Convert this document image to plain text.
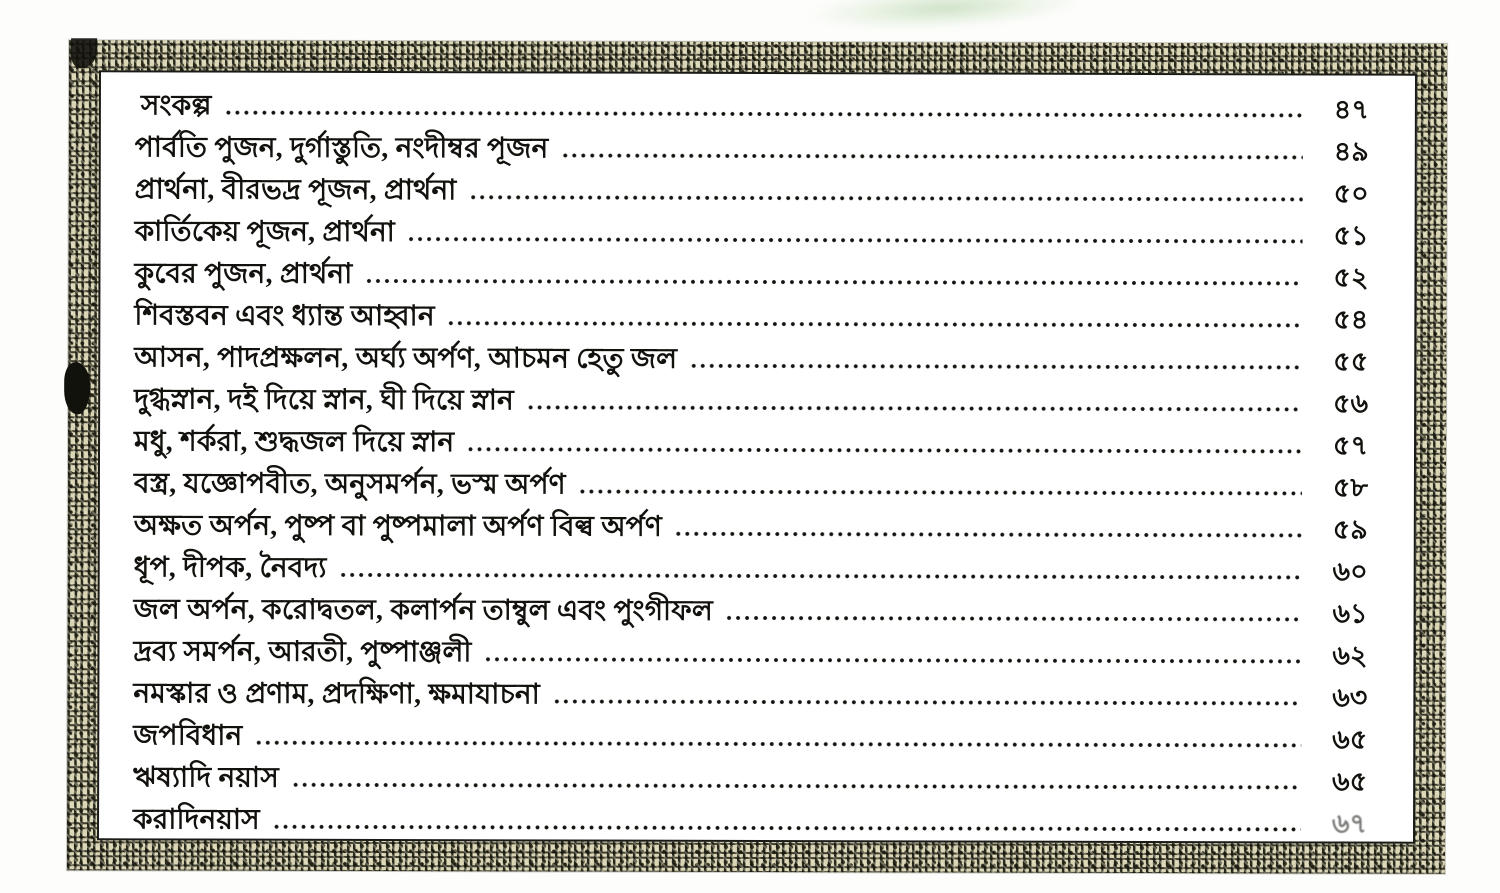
সংকল্প	৪৭
পার্বতি পুজন, দুর্গাস্তুতি, নংদীম্বর পূজন	৪৯
প্রার্থনা, বীরভদ্র পূজন, প্রার্থনা	৫০
কার্তিকেয় পূজন, প্রার্থনা	৫১
কুবের পুজন, প্রার্থনা	৫২
শিবস্তবন এবং ধ্যান্ত আহ্বান	৫৪
আসন, পাদপ্রক্ষলন, অর্ঘ্য অর্পণ, আচমন হেতু জল	৫৫
দুগ্ধস্নান, দই দিয়ে স্নান, ঘী দিয়ে স্নান	৫৬
মধু, শর্করা, শুদ্ধজল দিয়ে স্নান	৫৭
বস্ত্র, যজ্ঞোপবীত, অনুসমর্পন, ভস্ম অর্পণ	৫৮
অক্ষত অর্পন, পুষ্প বা পুষ্পমালা অর্পণ বিল্ব অর্পণ	৫৯
ধূপ, দীপক, নৈবদ্য	৬০
জল অর্পন, করোদ্বতল, কলার্পন তাম্বুল এবং পুংগীফল	৬১
দ্রব্য সমর্পন, আরতী, পুষ্পাঞ্জলী	৬২
নমস্কার ও প্রণাম, প্রদক্ষিণা, ক্ষমাযাচনা	৬৩
জপবিধান	৬৫
ঋষ্যাদি নয়াস	৬৫
করাদিনয়াস	৬৭
